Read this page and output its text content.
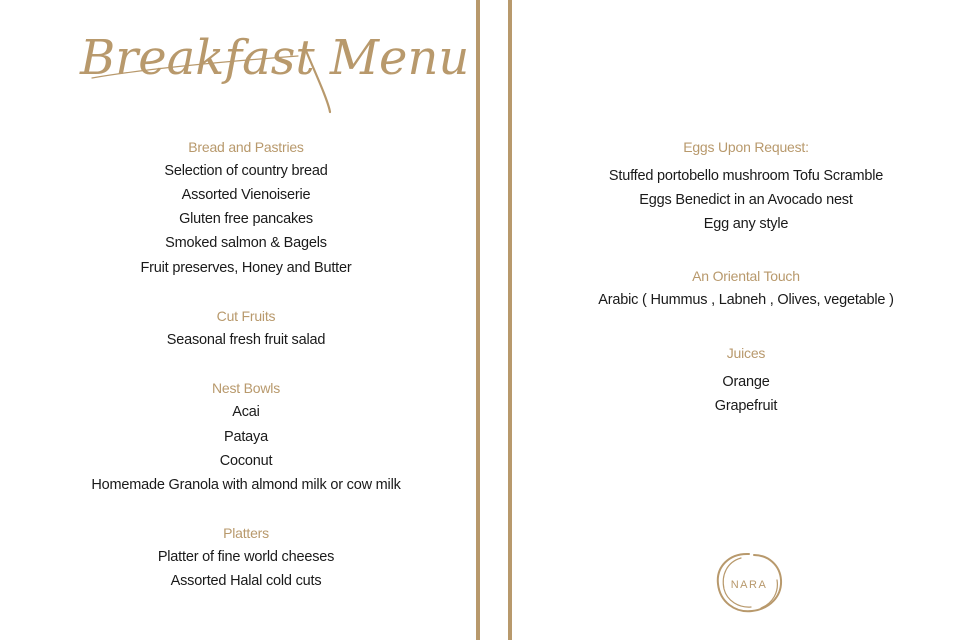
Breakfast Menu
Bread and Pastries
Selection of country bread
Assorted Vienoiserie
Gluten free pancakes
Smoked salmon & Bagels
Fruit preserves, Honey and Butter
Cut Fruits
Seasonal fresh fruit salad
Nest Bowls
Acai
Pataya
Coconut
Homemade Granola with almond milk or cow milk
Platters
Platter of fine world cheeses
Assorted Halal cold cuts
Eggs Upon Request:
Stuffed portobello mushroom Tofu Scramble
Eggs Benedict in an Avocado nest
Egg any style
An Oriental Touch
Arabic ( Hummus , Labneh , Olives, vegetable )
Juices
Orange
Grapefruit
NARA
